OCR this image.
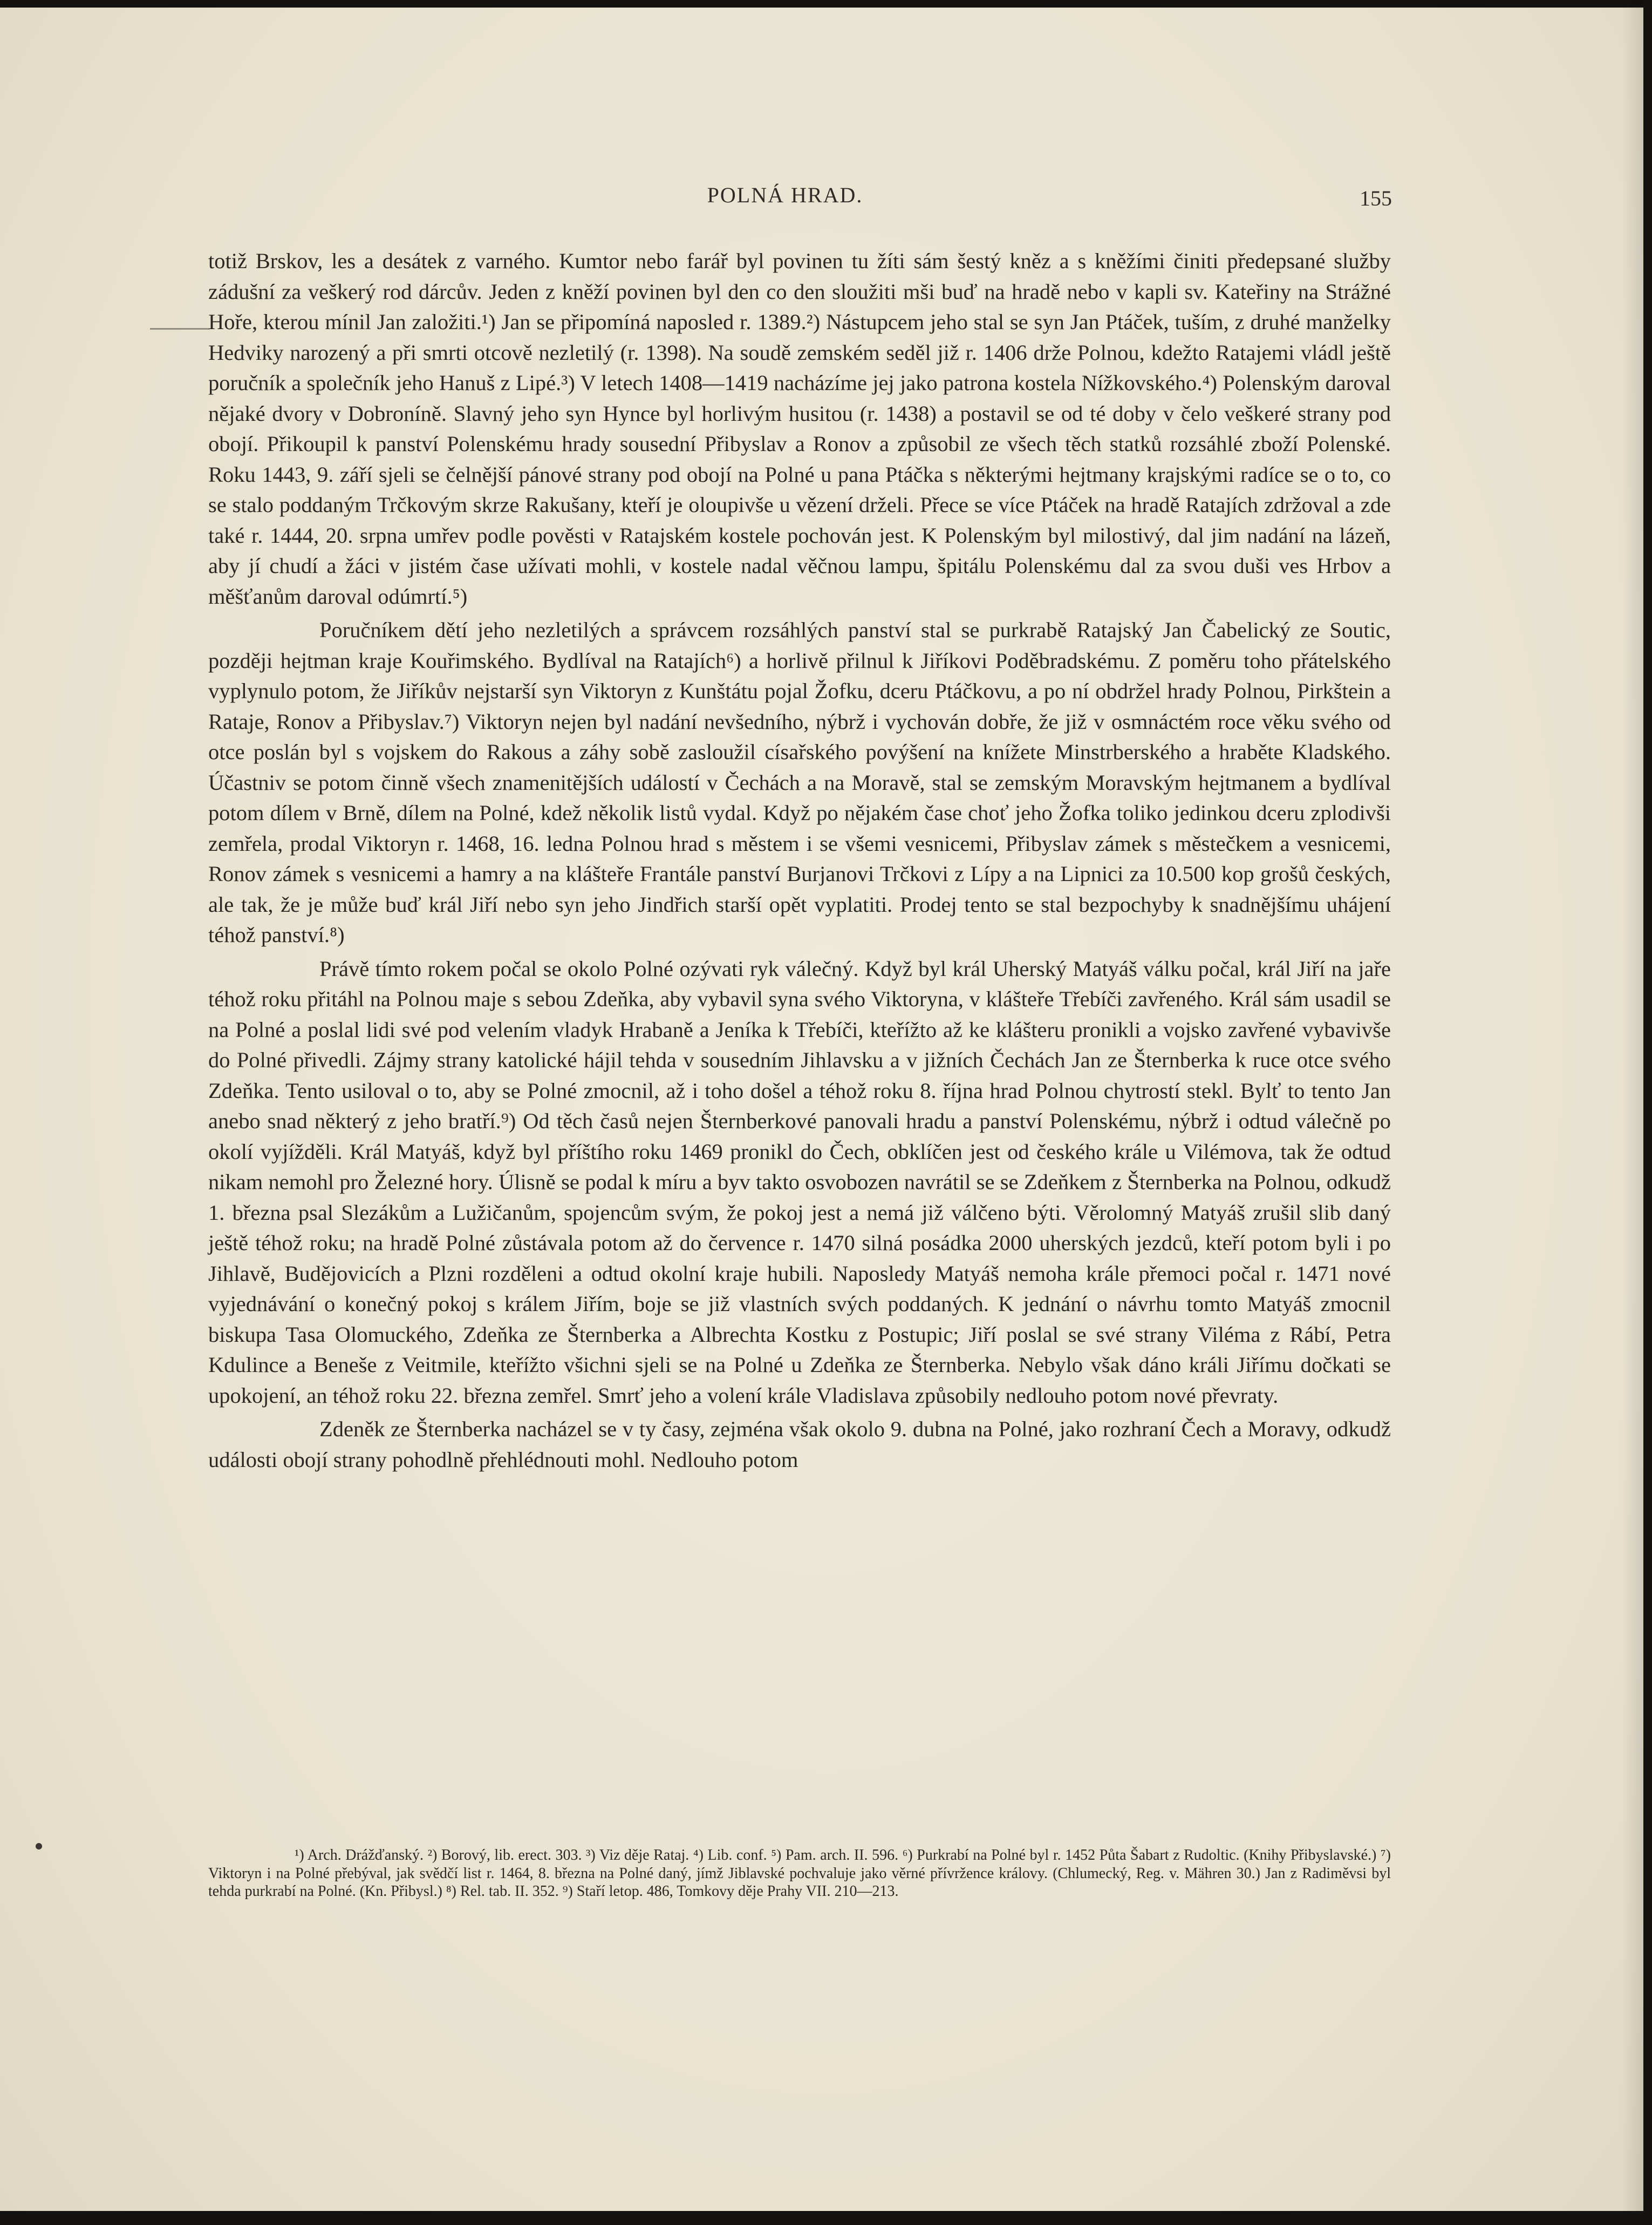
POLNÁ HRAD.	155

totiž Brskov, les a desátek z varného. Kumtor nebo farář byl povinen tu žíti sám šestý kněz a s kněžími činiti předepsané služby zádušní za veškerý rod dárcův. Jeden z kněží povinen byl den co den sloužiti mši buď na hradě nebo v kapli sv. Kateřiny na Strážné Hoře, kterou mínil Jan založiti.¹) Jan se připomíná naposled r. 1389.²) Nástupcem jeho stal se syn Jan Ptáček, tuším, z druhé manželky Hedviky narozený a při smrti otcově nezletilý (r. 1398). Na soudě zemském seděl již r. 1406 drže Polnou, kdežto Ratajemi vládl ještě poručník a společník jeho Hanuš z Lipé.³) V letech 1408—1419 nacházíme jej jako patrona kostela Nížkovského.⁴) Polenským daroval nějaké dvory v Dobroníně. Slavný jeho syn Hynce byl horlivým husitou (r. 1438) a postavil se od té doby v čelo veškeré strany pod obojí. Přikoupil k panství Polenskému hrady sousední Přibyslav a Ronov a způsobil ze všech těch statků rozsáhlé zboží Polenské. Roku 1443, 9. září sjeli se čelnější pánové strany pod obojí na Polné u pana Ptáčka s některými hejtmany krajskými radíce se o to, co se stalo poddaným Trčkovým skrze Rakušany, kteří je oloupivše u vězení drželi. Přece se více Ptáček na hradě Ratajích zdržoval a zde také r. 1444, 20. srpna umřev podle pověsti v Ratajském kostele pochován jest. K Polenským byl milostivý, dal jim nadání na lázeň, aby jí chudí a žáci v jistém čase užívati mohli, v kostele nadal věčnou lampu, špitálu Polenskému dal za svou duši ves Hrbov a měšťanům daroval odúmrtí.⁵)

Poručníkem dětí jeho nezletilých a správcem rozsáhlých panství stal se purkrabě Ratajský Jan Čabelický ze Soutic, později hejtman kraje Kouřimského. Bydlíval na Ratajích⁶) a horlivě přilnul k Jiříkovi Poděbradskému. Z poměru toho přátelského vyplynulo potom, že Jiříkův nejstarší syn Viktoryn z Kunštátu pojal Žofku, dceru Ptáčkovu, a po ní obdržel hrady Polnou, Pirkštein a Rataje, Ronov a Přibyslav.⁷) Viktoryn nejen byl nadání nevšedního, nýbrž i vychován dobře, že již v osmnáctém roce věku svého od otce poslán byl s vojskem do Rakous a záhy sobě zasloužil císařského povýšení na knížete Minstrberského a hraběte Kladského. Účastniv se potom činně všech znamenitějších událostí v Čechách a na Moravě, stal se zemským Moravským hejtmanem a bydlíval potom dílem v Brně, dílem na Polné, kdež několik listů vydal. Když po nějakém čase choť jeho Žofka toliko jedinkou dceru zplodivši zemřela, prodal Viktoryn r. 1468, 16. ledna Polnou hrad s městem i se všemi vesnicemi, Přibyslav zámek s městečkem a vesnicemi, Ronov zámek s vesnicemi a hamry a na klášteře Frantále panství Burjanovi Trčkovi z Lípy a na Lipnici za 10.500 kop grošů českých, ale tak, že je může buď král Jiří nebo syn jeho Jindřich starší opět vyplatiti. Prodej tento se stal bezpochyby k snadnějšímu uhájení téhož panství.⁸)

Právě tímto rokem počal se okolo Polné ozývati ryk válečný. Když byl král Uherský Matyáš válku počal, král Jiří na jaře téhož roku přitáhl na Polnou maje s sebou Zdeňka, aby vybavil syna svého Viktoryna, v klášteře Třebíči zavřeného. Král sám usadil se na Polné a poslal lidi své pod velením vladyk Hrabaně a Jeníka k Třebíči, kteřížto až ke klášteru pronikli a vojsko zavřené vybavivše do Polné přivedli. Zájmy strany katolické hájil tehda v sousedním Jihlavsku a v jižních Čechách Jan ze Šternberka k ruce otce svého Zdeňka. Tento usiloval o to, aby se Polné zmocnil, až i toho došel a téhož roku 8. října hrad Polnou chytrostí stekl. Bylť to tento Jan anebo snad některý z jeho bratří.⁹) Od těch časů nejen Šternberkové panovali hradu a panství Polenskému, nýbrž i odtud válečně po okolí vyjížděli. Král Matyáš, když byl příštího roku 1469 pronikl do Čech, obklíčen jest od českého krále u Vilémova, tak že odtud nikam nemohl pro Železné hory. Úlisně se podal k míru a byv takto osvobozen navrátil se se Zdeňkem z Šternberka na Polnou, odkudž 1. března psal Slezákům a Lužičanům, spojencům svým, že pokoj jest a nemá již válčeno býti. Věrolomný Matyáš zrušil slib daný ještě téhož roku; na hradě Polné zůstávala potom až do července r. 1470 silná posádka 2000 uherských jezdců, kteří potom byli i po Jihlavě, Budějovicích a Plzni rozděleni a odtud okolní kraje hubili. Naposledy Matyáš nemoha krále přemoci počal r. 1471 nové vyjednávání o konečný pokoj s králem Jiřím, boje se již vlastních svých poddaných. K jednání o návrhu tomto Matyáš zmocnil biskupa Tasa Olomuckého, Zdeňka ze Šternberka a Albrechta Kostku z Postupic; Jiří poslal se své strany Viléma z Rábí, Petra Kdulince a Beneše z Veitmile, kteřížto všichni sjeli se na Polné u Zdeňka ze Šternberka. Nebylo však dáno králi Jiřímu dočkati se upokojení, an téhož roku 22. března zemřel. Smrť jeho a volení krále Vladislava způsobily nedlouho potom nové převraty.

Zdeněk ze Šternberka nacházel se v ty časy, zejména však okolo 9. dubna na Polné, jako rozhraní Čech a Moravy, odkudž události obojí strany pohodlně přehlédnouti mohl. Nedlouho potom

¹) Arch. Drážďanský. ²) Borový, lib. erect. 303. ³) Viz děje Rataj. ⁴) Lib. conf. ⁵) Pam. arch. II. 596. ⁶) Purkrabí na Polné byl r. 1452 Půta Šabart z Rudoltic. (Knihy Přibyslavské.) ⁷) Viktoryn i na Polné přebýval, jak svědčí list r. 1464, 8. března na Polné daný, jímž Jiblavské pochvaluje jako věrné přívržence královy. (Chlumecký, Reg. v. Mähren 30.) Jan z Radiměvsi byl tehda purkrabí na Polné. (Kn. Přibysl.) ⁸) Rel. tab. II. 352. ⁹) Staří letop. 486, Tomkovy děje Prahy VII. 210—213.
